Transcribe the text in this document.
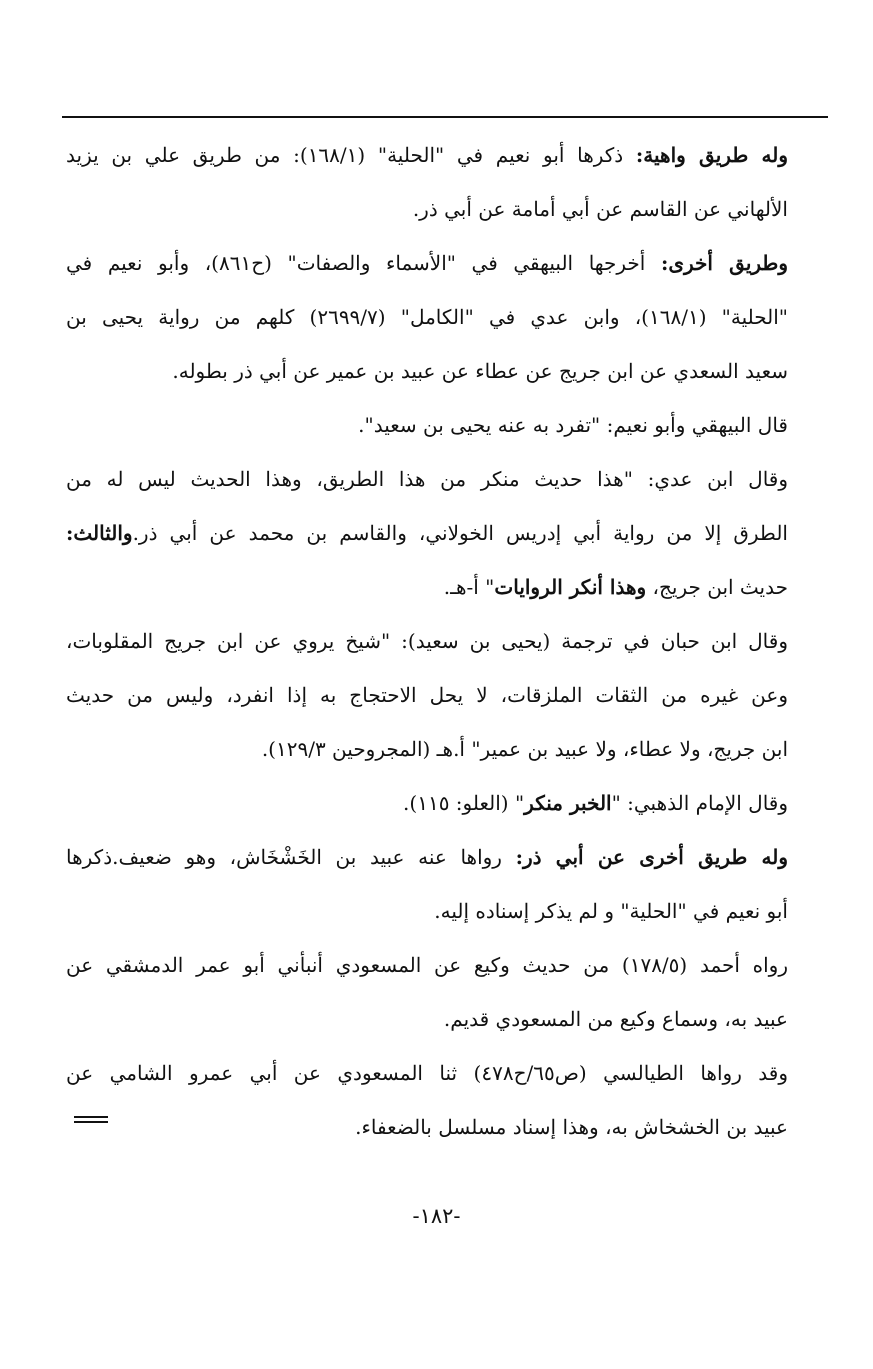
وله طريق واهية: ذكرها أبو نعيم في "الحلية" (١٦٨/١): من طريق علي بن يزيد
الألهاني عن القاسم عن أبي أمامة عن أبي ذر.
وطريق أخرى: أخرجها البيهقي في "الأسماء والصفات" (ح٨٦١)، وأبو نعيم في
"الحلية" (١٦٨/١)، وابن عدي في "الكامل" (٢٦٩٩/٧) كلهم من رواية يحيى بن
سعيد السعدي عن ابن جريج عن عطاء عن عبيد بن عمير عن أبي ذر بطوله.
قال البيهقي وأبو نعيم: "تفرد به عنه يحيى بن سعيد".
وقال ابن عدي: "هذا حديث منكر من هذا الطريق، وهذا الحديث ليس له من
الطرق إلا من رواية أبي إدريس الخولاني، والقاسم بن محمد عن أبي ذر.والثالث:
حديث ابن جريج، وهذا أنكر الروايات" أ-هـ.
وقال ابن حبان في ترجمة (يحيى بن سعيد): "شيخ يروي عن ابن جريج المقلوبات،
وعن غيره من الثقات الملزقات، لا يحل الاحتجاج به إذا انفرد، وليس من حديث
ابن جريج، ولا عطاء، ولا عبيد بن عمير" أ.هـ (المجروحين ١٢٩/٣).
وقال الإمام الذهبي: "الخبر منكر" (العلو: ١١٥).
وله طريق أخرى عن أبي ذر: رواها عنه عبيد بن الخَشْخَاش، وهو ضعيف.ذكرها
أبو نعيم في "الحلية" و لم يذكر إسناده إليه.
رواه أحمد (١٧٨/٥) من حديث وكيع عن المسعودي أنبأني أبو عمر الدمشقي عن
عبيد به، وسماع وكيع من المسعودي قديم.
وقد رواها الطيالسي (ص٦٥/ح٤٧٨) ثنا المسعودي عن أبي عمرو الشامي عن
عبيد بن الخشخاش به، وهذا إسناد مسلسل بالضعفاء.
-١٨٢-
